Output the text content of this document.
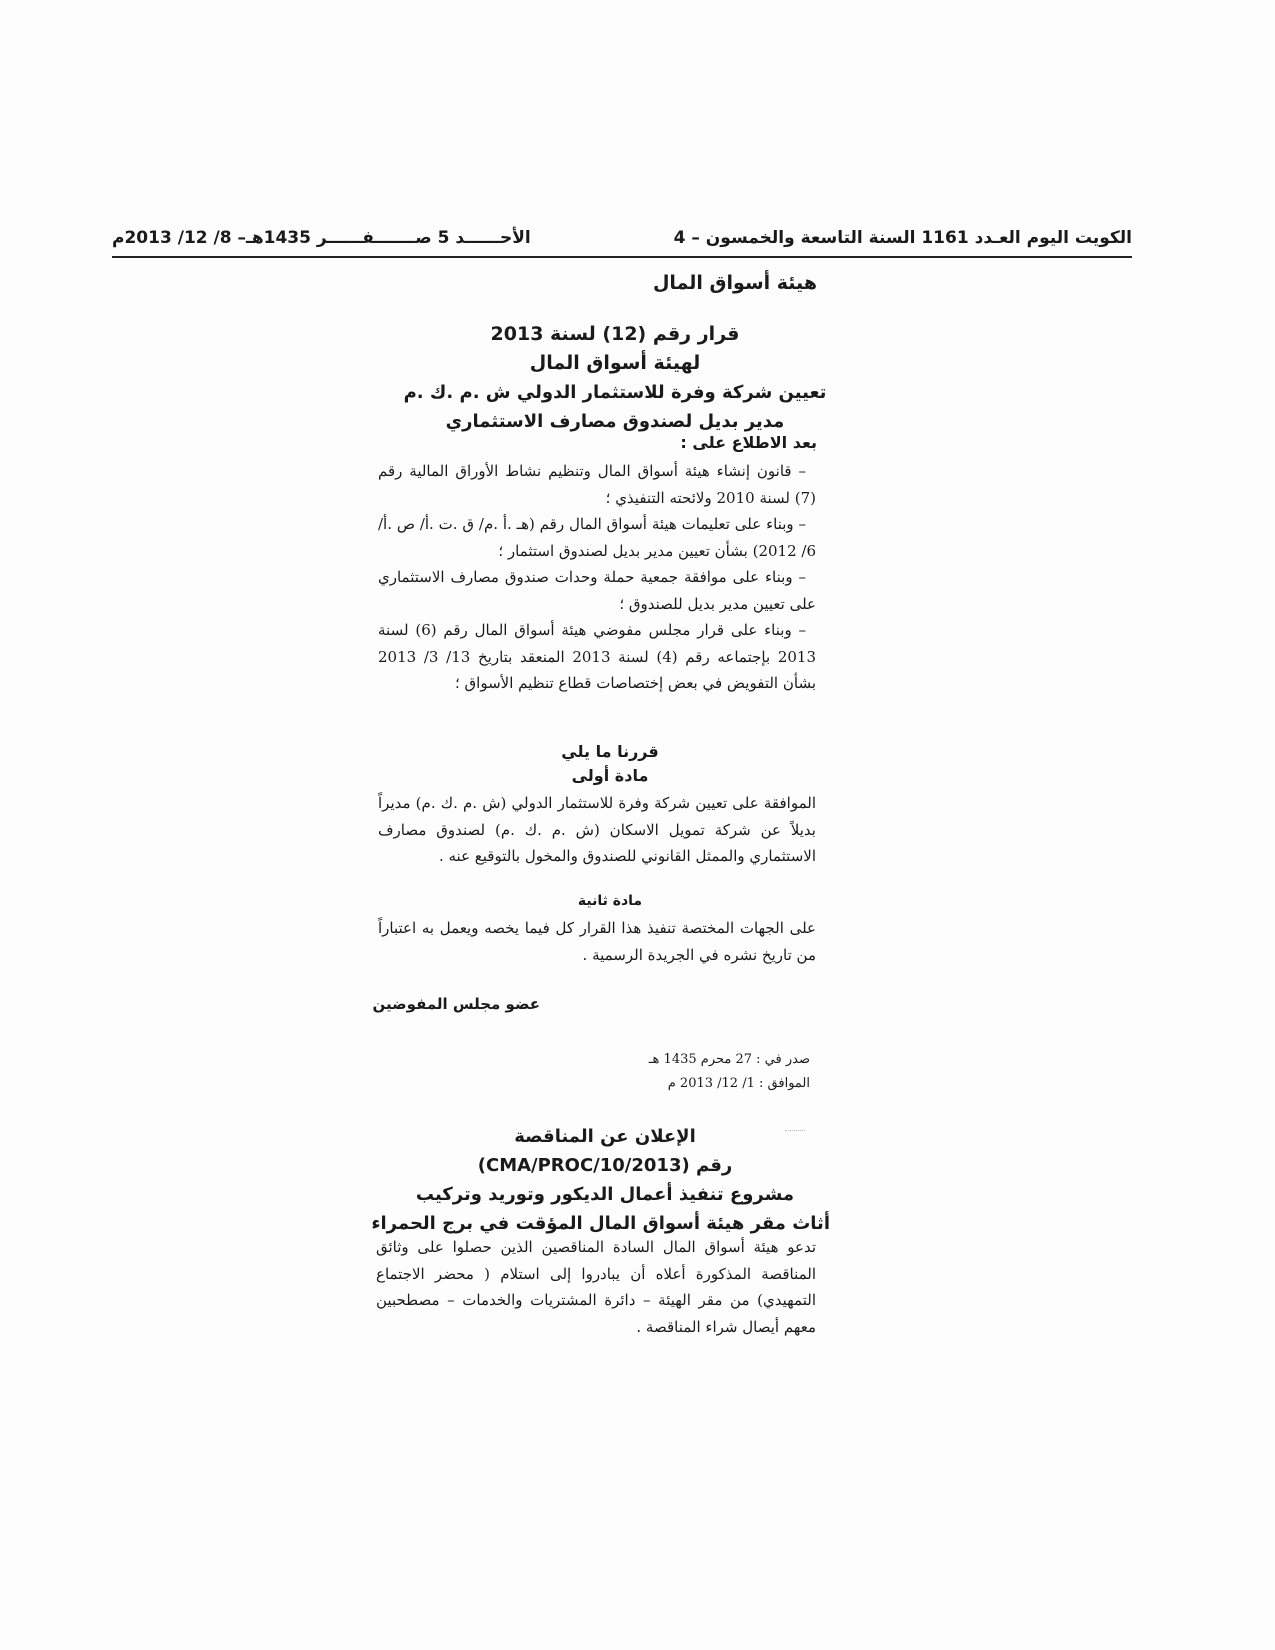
الكويت اليوم العـدد 1161 السنة التاسعة والخمسون – 4
الأحــــــد 5 صـــــــفــــــر 1435هـ– 8/ 12/ 2013م
هيئة أسواق المال
قرار رقم (12) لسنة 2013
لهيئة أسواق المال
تعيين شركة وفرة للاستثمار الدولي ش .م .ك .م
مدير بديل لصندوق مصارف الاستثماري
بعد الاطلاع على :

– قانون إنشاء هيئة أسواق المال وتنظيم نشاط الأوراق المالية رقم (7) لسنة 2010 ولائحته التنفيذي ؛

– وبناء على تعليمات هيئة أسواق المال رقم (هـ .أ .م/ ق .ت .أ/ ص .أ/ 6/ 2012) بشأن تعيين مدير بديل لصندوق استثمار ؛

– وبناء على موافقة جمعية حملة وحدات صندوق مصارف الاستثماري على تعيين مدير بديل للصندوق ؛

– وبناء على قرار مجلس مفوضي هيئة أسواق المال رقم (6) لسنة 2013 بإجتماعه رقم (4) لسنة 2013 المنعقد بتاريخ 13/ 3/ 2013 بشأن التفويض في بعض إختصاصات قطاع تنظيم الأسواق ؛

قررنا ما يلي
مادة أولى

الموافقة على تعيين شركة وفرة للاستثمار الدولي (ش .م .ك .م) مديراً بديلاً عن شركة تمويل الاسكان (ش .م .ك .م) لصندوق مصارف الاستثماري والممثل القانوني للصندوق والمخول بالتوقيع عنه .

مادة ثانية

على الجهات المختصة تنفيذ هذا القرار كل فيما يخصه ويعمل به اعتباراً من تاريخ نشره في الجريدة الرسمية .

عضو مجلس المفوضين
صدر في : 27 محرم 1435 هـ
الموافق : 1/ 12/ 2013 م
الإعلان عن المناقصة
رقم (CMA/PROC/10/2013)
مشروع تنفيذ أعمال الديكور وتوريد وتركيب
أثاث مقر هيئة أسواق المال المؤقت في برج الحمراء

تدعو هيئة أسواق المال السادة المناقصين الذين حصلوا على وثائق المناقصة المذكورة أعلاه أن يبادروا إلى استلام ( محضر الاجتماع التمهيدي) من مقر الهيئة – دائرة المشتريات والخدمات – مصطحبين معهم أيصال شراء المناقصة .
